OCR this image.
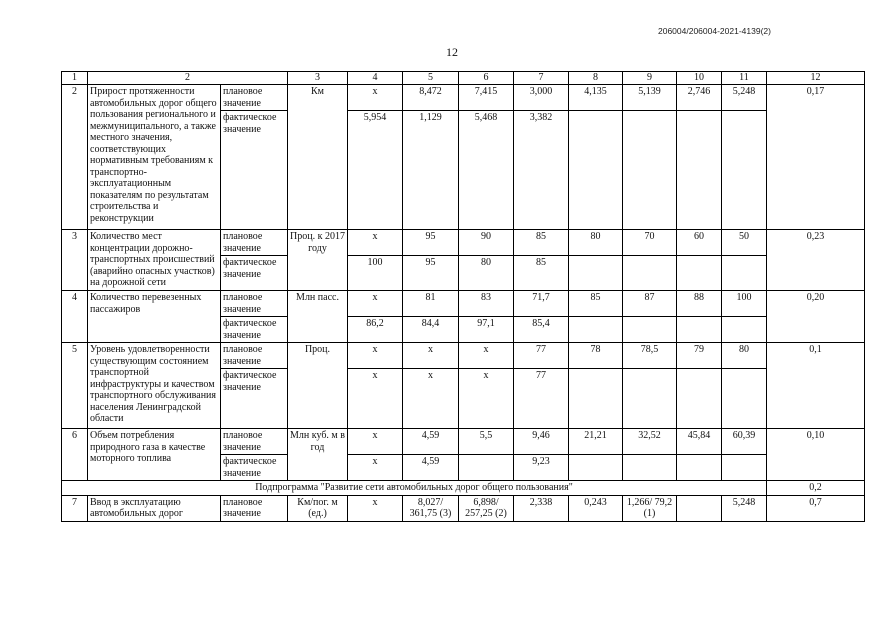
206004/206004-2021-4139(2)
12
1	2		3	4	5	6	7	8	9	10	11	12
2	Прирост протяженности автомобильных дорог общего пользования регионального и межмуниципального, а также местного значения, соответствующих нормативным требованиям к транспортно-эксплуатационным показателям по результатам строительства и реконструкции	плановое значение	Км	х	8,472	7,415	3,000	4,135	5,139	2,746	5,248	0,17
		фактическое значение		5,954	1,129	5,468	3,382					
3	Количество мест концентрации дорожно-транспортных происшествий (аварийно опасных участков) на дорожной сети	плановое значение	Проц. к 2017 году	х	95	90	85	80	70	60	50	0,23
		фактическое значение		100	95	80	85					
4	Количество перевезенных пассажиров	плановое значение	Млн пасс.	х	81	83	71,7	85	87	88	100	0,20
		фактическое значение		86,2	84,4	97,1	85,4					
5	Уровень удовлетворенности существующим состоянием транспортной инфраструктуры и качеством транспортного обслуживания населения Ленинградской области	плановое значение	Проц.	х	х	х	77	78	78,5	79	80	0,1
		фактическое значение		х	х	х	77					
6	Объем потребления природного газа в качестве моторного топлива	плановое значение	Млн куб. м в год	х	4,59	5,5	9,46	21,21	32,52	45,84	60,39	0,10
		фактическое значение		х	4,59		9,23					
Подпрограмма "Развитие сети автомобильных дорог общего пользования"												0,2
7	Ввод в эксплуатацию автомобильных дорог	плановое значение	Км/пог. м (ед.)	х	8,027/ 361,75 (3)	6,898/ 257,25 (2)	2,338	0,243	1,266/ 79,2 (1)		5,248	0,7
